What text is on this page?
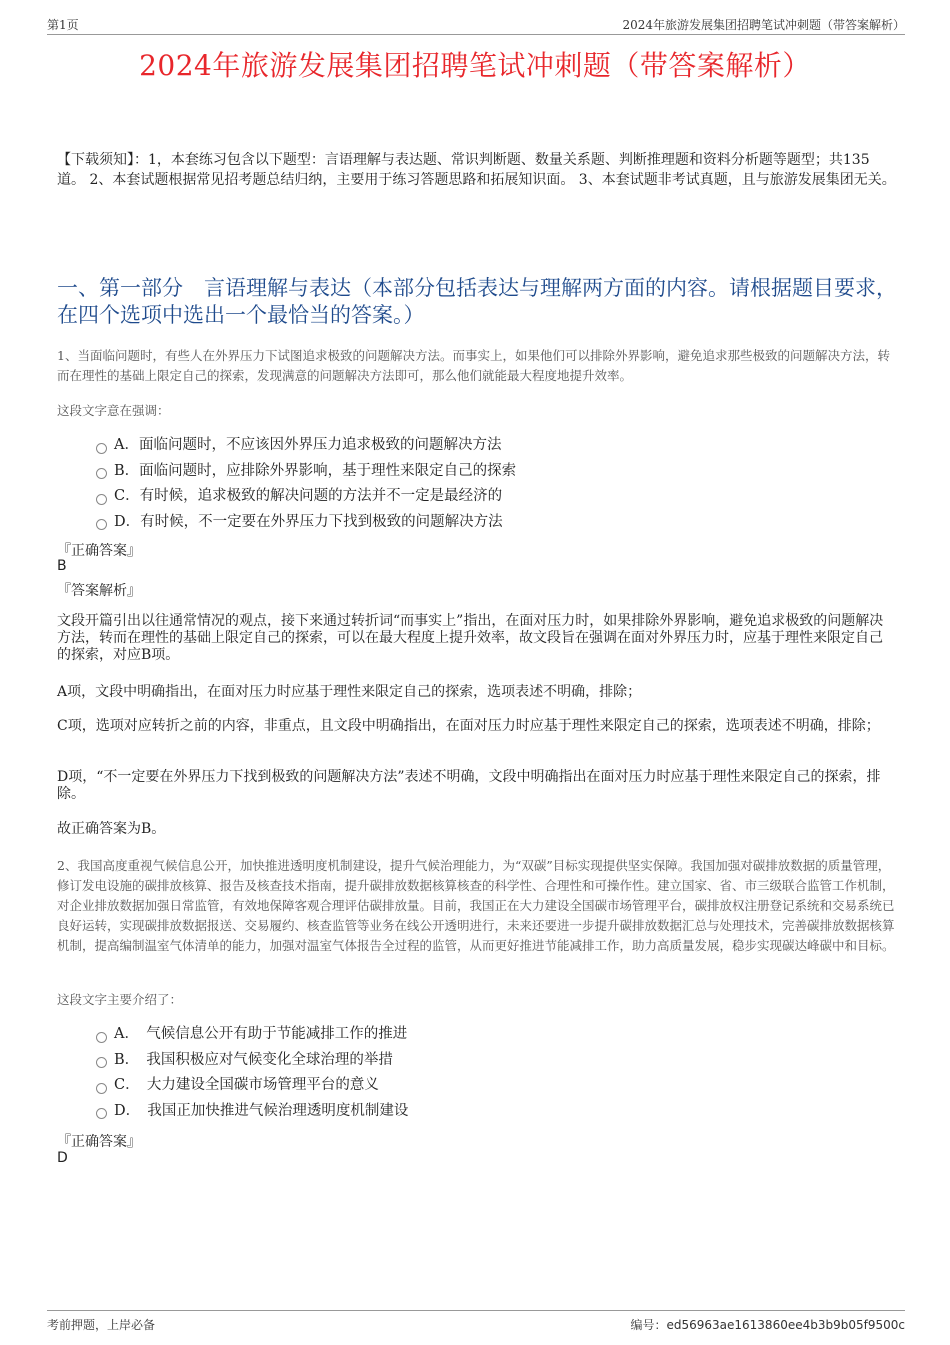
第1页	2024年旅游发展集团招聘笔试冲刺题（带答案解析）
2024年旅游发展集团招聘笔试冲刺题（带答案解析）
【下载须知】：1，本套练习包含以下题型：言语理解与表达题、常识判断题、数量关系题、判断推理题和资料分析题等题型；共135道。 2、本套试题根据常见招考题总结归纳，主要用于练习答题思路和拓展知识面。 3、本套试题非考试真题，且与旅游发展集团无关。
一、第一部分　言语理解与表达（本部分包括表达与理解两方面的内容。请根据题目要求，在四个选项中选出一个最恰当的答案。）
1、当面临问题时，有些人在外界压力下试图追求极致的问题解决方法。而事实上，如果他们可以排除外界影响，避免追求那些极致的问题解决方法，转而在理性的基础上限定自己的探索，发现满意的问题解决方法即可，那么他们就能最大程度地提升效率。
这段文字意在强调：
A．面临问题时，不应该因外界压力追求极致的问题解决方法
B．面临问题时，应排除外界影响，基于理性来限定自己的探索
C．有时候，追求极致的解决问题的方法并不一定是最经济的
D．有时候，不一定要在外界压力下找到极致的问题解决方法
『正确答案』
B
『答案解析』
文段开篇引出以往通常情况的观点，接下来通过转折词“而事实上”指出，在面对压力时，如果排除外界影响，避免追求极致的问题解决方法，转而在理性的基础上限定自己的探索，可以在最大程度上提升效率，故文段旨在强调在面对外界压力时，应基于理性来限定自己的探索，对应B项。
A项，文段中明确指出，在面对压力时应基于理性来限定自己的探索，选项表述不明确，排除；
C项，选项对应转折之前的内容，非重点，且文段中明确指出，在面对压力时应基于理性来限定自己的探索，选项表述不明确，排除；
D项，“不一定要在外界压力下找到极致的问题解决方法”表述不明确，文段中明确指出在面对压力时应基于理性来限定自己的探索，排除。
故正确答案为B。
2、我国高度重视气候信息公开，加快推进透明度机制建设，提升气候治理能力，为“双碳”目标实现提供坚实保障。我国加强对碳排放数据的质量管理，修订发电设施的碳排放核算、报告及核查技术指南，提升碳排放数据核算核查的科学性、合理性和可操作性。建立国家、省、市三级联合监管工作机制，对企业排放数据加强日常监管，有效地保障客观合理评估碳排放量。目前，我国正在大力建设全国碳市场管理平台，碳排放权注册登记系统和交易系统已良好运转，实现碳排放数据报送、交易履约、核查监管等业务在线公开透明进行，未来还要进一步提升碳排放数据汇总与处理技术，完善碳排放数据核算机制，提高编制温室气体清单的能力，加强对温室气体报告全过程的监管，从而更好推进节能减排工作，助力高质量发展，稳步实现碳达峰碳中和目标。
这段文字主要介绍了：
A．　气候信息公开有助于节能减排工作的推进
B．　我国积极应对气候变化全球治理的举措
C．　大力建设全国碳市场管理平台的意义
D．　我国正加快推进气候治理透明度机制建设
『正确答案』
D
考前押题，上岸必备	编号：ed56963ae1613860ee4b3b9b05f9500c
